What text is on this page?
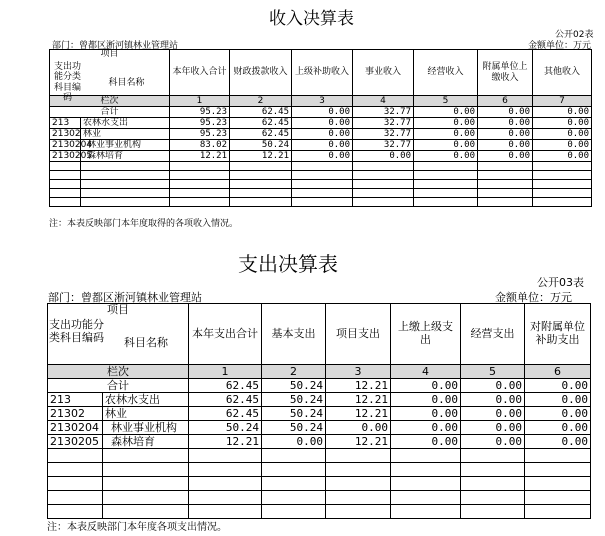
收入决算表
公开02表
部门：曾都区淅河镇林业管理站	金额单位：万元
项目
支出功能分类科目编码
科目名称		本年收入合计	财政拨款收入	上级补助收入	事业收入	经营收入	附属单位上缴收入	其他收入
栏次		1	2	3	4	5	6	7
合计		95.23	62.45	0.00	32.77	0.00	0.00	0.00
213	农林水支出	95.23	62.45	0.00	32.77	0.00	0.00	0.00
21302	林业	95.23	62.45	0.00	32.77	0.00	0.00	0.00
2130204	林业事业机构	83.02	50.24	0.00	32.77	0.00	0.00	0.00
2130205	森林培育	12.21	12.21	0.00	0.00	0.00	0.00	0.00

注：本表反映部门本年度取得的各项收入情况。
支出决算表
公开03表
部门：曾都区淅河镇林业管理站	金额单位：万元
项目
支出功能分类科目编码 科目名称		本年支出合计	基本支出	项目支出	上缴上级支出	经营支出	对附属单位补助支出
栏次		1	2	3	4	5	6
合计		62.45	50.24	12.21	0.00	0.00	0.00
213	农林水支出	62.45	50.24	12.21	0.00	0.00	0.00
21302	林业	62.45	50.24	12.21	0.00	0.00	0.00
2130204	林业事业机构	50.24	50.24	0.00	0.00	0.00	0.00
2130205	森林培育	12.21	0.00	12.21	0.00	0.00	0.00

注：本表反映部门本年度各项支出情况。
